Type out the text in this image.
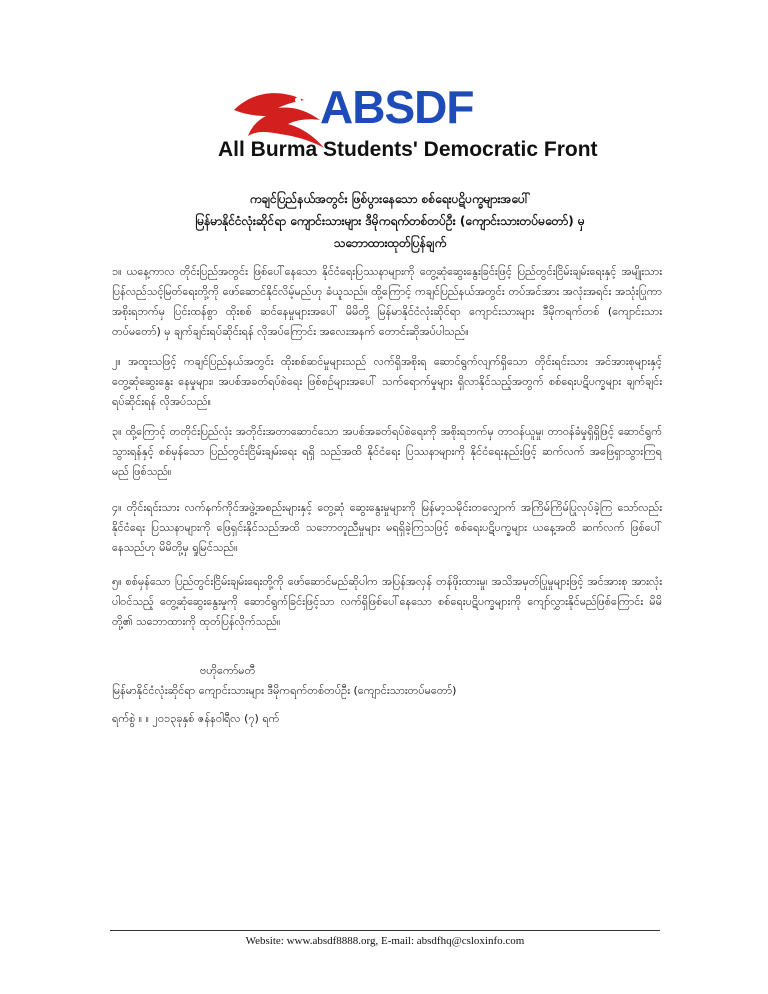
ABSDF
All Burma Students' Democratic Front
ကချင်ပြည်နယ်အတွင်း ဖြစ်ပွားနေသော စစ်ရေးပဋိပက္ခများအပေါ်
မြန်မာနိုင်ငံလုံးဆိုင်ရာ ကျောင်းသားများ ဒီမိုကရက်တစ်တပ်ဦး (ကျောင်းသားတပ်မတော်) မှ
သဘောထားထုတ်ပြန်ချက်
၁။ ယနေ့ကာလ တိုင်းပြည်အတွင်း ဖြစ်ပေါ်နေသော နိုင်ငံရေးပြဿနာများကို တွေ့ဆုံဆွေးနွေးခြင်းဖြင့် ပြည်တွင်းငြိမ်းချမ်းရေးနှင့် အမျိုးသား ပြန်လည်သင့်မြတ်ရေးတို့ကို ဖော်ဆောင်နိုင်လိမ့်မည်ဟု ခံယူသည်။ ထို့ကြောင့် ကချင်ပြည်နယ်အတွင်း တပ်အင်အား အလုံးအရင်း အသုံးပြုကာ အစိုးရဘက်မှ ပြင်းထန်စွာ ထိုးစစ် ဆင်နေမှုများအပေါ် မိမိတို့ မြန်မာနိုင်ငံလုံးဆိုင်ရာ ကျောင်းသားများ ဒီမိုကရက်တစ် (ကျောင်းသားတပ်မတော်) မှ ချက်ချင်းရပ်ဆိုင်းရန် လိုအပ်ကြောင်း အလေးအနက် တောင်းဆိုအပ်ပါသည်။
၂။ အထူးသဖြင့် ကချင်ပြည်နယ်အတွင်း ထိုးစစ်ဆင်မှုများသည် လက်ရှိအစိုးရ ဆောင်ရွက်လျက်ရှိသော တိုင်းရင်းသား အင်အားစုများနှင့် တွေ့ဆုံဆွေးနွေး နေမှုများ၊ အပစ်အခတ်ရပ်စဲရေး ဖြစ်စဉ်များအပေါ် သက်ရောက်မှုများ ရှိလာနိုင်သည့်အတွက် စစ်ရေးပဋိပက္ခများ ချက်ချင်းရပ်ဆိုင်းရန် လိုအပ်သည်။
၃။ ထို့ကြောင့် တတိုင်းပြည်လုံး အတိုင်းအတာဆောင်သော အပစ်အခတ်ရပ်စဲရေးကို အစိုးရဘက်မှ တာဝန်ယူမှု၊ တာဝန်ခံမှုရှိရှိဖြင့် ဆောင်ရွက်သွားရန်နှင့် စစ်မှန်သော ပြည်တွင်းငြိမ်းချမ်းရေး ရရှိ သည်အထိ နိုင်ငံရေး ပြဿနာများကို နိုင်ငံရေးနည်းဖြင့် ဆက်လက် အဖြေရှာသွားကြရမည် ဖြစ်သည်။
၄။ တိုင်းရင်းသား လက်နက်ကိုင်အဖွဲ့အစည်းများနှင့် တွေ့ဆုံ ဆွေးနွေးမှုများကို မြန်မာ့သမိုင်းတလျှောက် အကြိမ်ကြိမ်ပြုလုပ်ခဲ့ကြ သော်လည်း နိုင်ငံရေး ပြဿနာများကို ဖြေရှင်းနိုင်သည်အထိ သဘောတူညီမှုများ မရရှိခဲ့ကြသဖြင့် စစ်ရေးပဋိပက္ခများ ယနေ့အထိ ဆက်လက် ဖြစ်ပေါ်နေသည်ဟု မိမိတို့မှ ရှုမြင်သည်။
၅။ စစ်မှန်သော ပြည်တွင်းငြိမ်းချမ်းရေးတို့ကို ဖော်ဆောင်မည်ဆိုပါက အပြန်အလှန် တန်ဖိုးထားမှု၊ အသိအမှတ်ပြုမှုများဖြင့် အင်အားစု အားလုံးပါဝင်သည့် တွေ့ဆုံဆွေးနွေးမှုကို ဆောင်ရွက်ခြင်းဖြင့်သာ လက်ရှိဖြစ်ပေါ်နေသော စစ်ရေးပဋိပက္ခများကို ကျော်လွှားနိုင်မည်ဖြစ်ကြောင်း မိမိတို့၏ သဘောထားကို ထုတ်ပြန်လိုက်သည်။
ဗဟိုကော်မတီ
မြန်မာနိုင်ငံလုံးဆိုင်ရာ ကျောင်းသားများ ဒီမိုကရက်တစ်တပ်ဦး (ကျောင်းသားတပ်မတော်)
ရက်စွဲ ။ ။ ၂၀၁၃ခုနှစ် ဇန်နဝါရီလ (၇) ရက်
Website: www.absdf8888.org, E-mail: absdfhq@csloxinfo.com
